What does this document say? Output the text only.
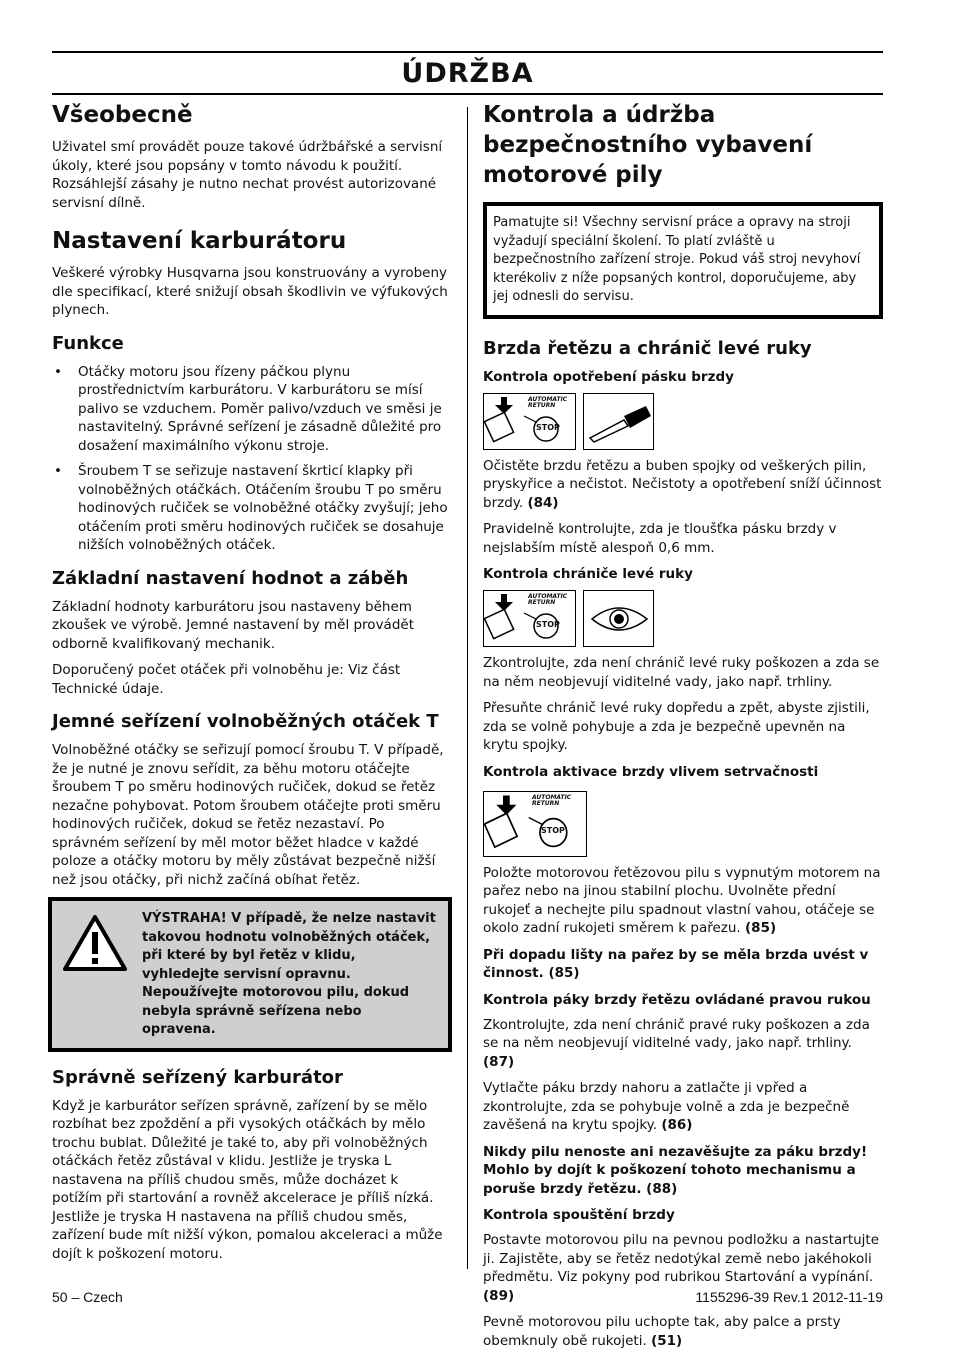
ÚDRŽBA
Všeobecně

Uživatel smí provádět pouze takové údržbářské a servisní úkoly, které jsou popsány v tomto návodu k použití. Rozsáhlejší zásahy je nutno nechat provést autorizované servisní dílně.

Nastavení karburátoru

Veškeré výrobky Husqvarna jsou konstruovány a vyrobeny dle specifikací, které snižují obsah škodlivin ve výfukových plynech.

Funkce
• Otáčky motoru jsou řízeny páčkou plynu prostřednictvím karburátoru. V karburátoru se mísí palivo se vzduchem. Poměr palivo/vzduch ve směsi je nastavitelný. Správné seřízení je zásadně důležité pro dosažení maximálního výkonu stroje.
• Šroubem T se seřizuje nastavení škrticí klapky při volnoběžných otáčkách. Otáčením šroubu T po směru hodinových ručiček se volnoběžné otáčky zvyšují; jeho otáčením proti směru hodinových ručiček se dosahuje nižších volnoběžných otáček.
Základní nastavení hodnot a záběh

Základní hodnoty karburátoru jsou nastaveny během zkoušek ve výrobě. Jemné nastavení by měl provádět odborně kvalifikovaný mechanik.

Doporučený počet otáček při volnoběhu je: Viz část Technické údaje.

Jemné seřízení volnoběžných otáček T

Volnoběžné otáčky se seřizují pomocí šroubu T. V případě, že je nutné je znovu seřídit, za běhu motoru otáčejte šroubem T po směru hodinových ručiček, dokud se řetěz nezačne pohybovat. Potom šroubem otáčejte proti směru hodinových ručiček, dokud se řetěz nezastaví. Po správném seřízení by měl motor běžet hladce v každé poloze a otáčky motoru by měly zůstávat bezpečně nižší než jsou otáčky, při nichž začíná obíhat řetěz.

VÝSTRAHA! V případě, že nelze nastavit takovou hodnotu volnoběžných otáček, při které by byl řetěz v klidu, vyhledejte servisní opravnu. Nepoužívejte motorovou pilu, dokud nebyla správně seřízena nebo opravena.
Správně seřízený karburátor

Když je karburátor seřízen správně, zařízení by se mělo rozbíhat bez zpoždění a při vysokých otáčkách by mělo trochu bublat. Důležité je také to, aby při volnoběžných otáčkách řetěz zůstával v klidu. Jestliže je tryska L nastavena na příliš chudou směs, může docházet k potížím při startování a rovněž akcelerace je příliš nízká. Jestliže je tryska H nastavena na příliš chudou směs, zařízení bude mít nižší výkon, pomalou akceleraci a může dojít k poškození motoru.

Kontrola a údržba bezpečnostního vybavení motorové pily

Pamatujte si! Všechny servisní práce a opravy na stroji vyžadují speciální školení. To platí zvláště u bezpečnostního zařízení stroje. Pokud váš stroj nevyhoví kterékoliv z níže popsaných kontrol, doporučujeme, aby jej odnesli do servisu.

Brzda řetězu a chránič levé ruky
Kontrola opotřebení pásku brzdy
AUTOMATIC
RETURN
STOP

Očistěte brzdu řetězu a buben spojky od veškerých pilin, pryskyřice a nečistot. Nečistoty a opotřebení sníží účinnost brzdy. (84)

Pravidelně kontrolujte, zda je tloušťka pásku brzdy v nejslabším místě alespoň 0,6 mm.

Kontrola chrániče levé ruky
AUTOMATIC
RETURN
STOP

Zkontrolujte, zda není chránič levé ruky poškozen a zda se na něm neobjevují viditelné vady, jako např. trhliny.

Přesuňte chránič levé ruky dopředu a zpět, abyste zjistili, zda se volně pohybuje a zda je bezpečně upevněn na krytu spojky.

Kontrola aktivace brzdy vlivem setrvačnosti
AUTOMATIC
RETURN
STOP

Položte motorovou řetězovou pilu s vypnutým motorem na pařez nebo na jinou stabilní plochu. Uvolněte přední rukojeť a nechejte pilu spadnout vlastní vahou, otáčeje se okolo zadní rukojeti směrem k pařezu. (85)

Při dopadu lišty na pařez by se měla brzda uvést v činnost. (85)

Kontrola páky brzdy řetězu ovládané pravou rukou

Zkontrolujte, zda není chránič pravé ruky poškozen a zda se na něm neobjevují viditelné vady, jako např. trhliny. (87)

Vytlačte páku brzdy nahoru a zatlačte ji vpřed a zkontrolujte, zda se pohybuje volně a zda je bezpečně zavěšená na krytu spojky. (86)

Nikdy pilu nenoste ani nezavěšujte za páku brzdy! Mohlo by dojít k poškození tohoto mechanismu a poruše brzdy řetězu. (88)

Kontrola spouštění brzdy

Postavte motorovou pilu na pevnou podložku a nastartujte ji. Zajistěte, aby se řetěz nedotýkal země nebo jakéhokoli předmětu. Viz pokyny pod rubrikou Startování a vypínání. (89)

Pevně motorovou pilu uchopte tak, aby palce a prsty obemknuly obě rukojeti. (51)

50 – Czech	1155296-39 Rev.1 2012-11-19
